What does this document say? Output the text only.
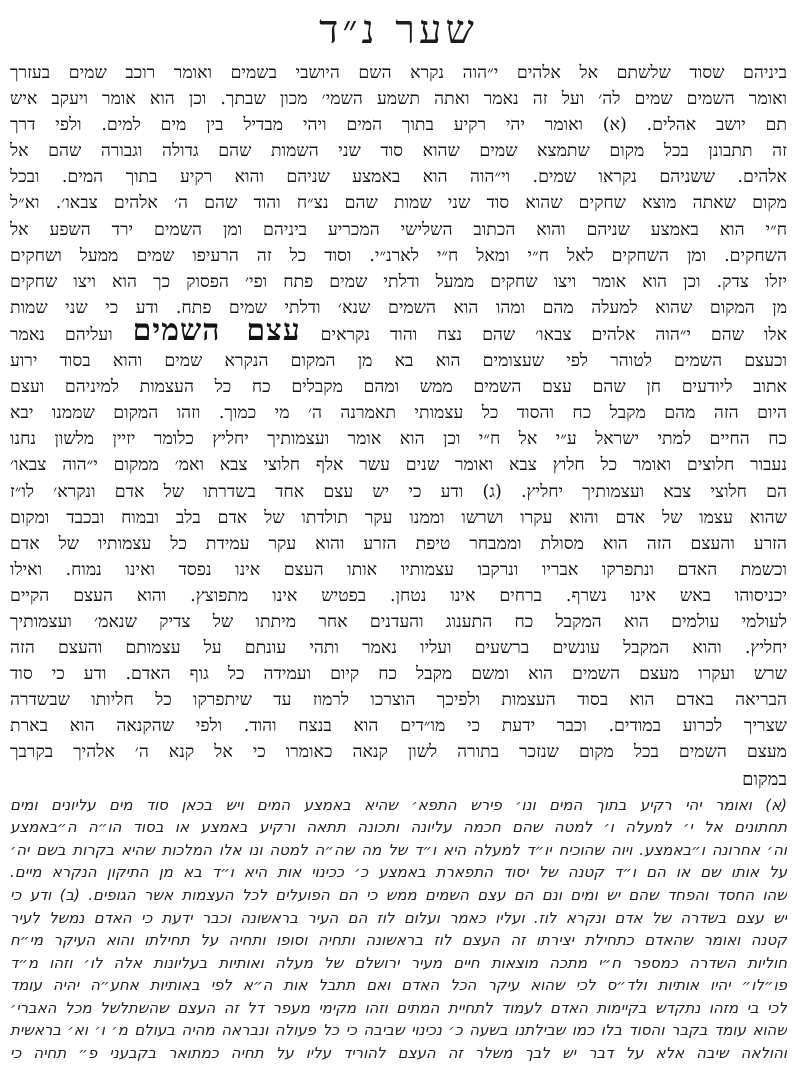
שער נ״ד
ביניהם שסוד שלשתם אל אלהים י״הוה נקרא השם היושבי בשמים ואומר רוכב שמים בעזרך
ואומר השמים שמים לה׳ ועל זה נאמר ואתה תשמע השמי׳ מכון שבתך. וכן הוא אומר ויעקב איש
תם יושב אהלים. (א) ואומר יהי רקיע בתוך המים ויהי מבדיל בין מים למים. ולפי דרך
זה תתבונן בכל מקום שתמצא שמים שהוא סוד שני השמות שהם גדולה וגבורה שהם אל
אלהים. ששניהם נקראו שמים. וי״הוה הוא באמצע שניהם והוא רקיע בתוך המים. ובכל
מקום שאתה מוצא שחקים שהוא סוד שני שמות שהם נצ״ח והוד שהם ה׳ אלהים צבאו׳. וא״ל
ח״י הוא באמצע שניהם והוא הכתוב השלישי המכריע ביניהם ומן השמים ירד השפע אל
השחקים. ומן השחקים לאל ח״י ומאל ח״י לארנ״י. וסוד כל זה הרעיפו שמים ממעל ושחקים
יזלו צדק. וכן הוא אומר ויצו שחקים ממעל ודלתי שמים פתח ופי׳ הפסוק כך הוא ויצו שחקים
מן המקום שהוא למעלה מהם ומהו הוא השמים שנא׳ ודלתי שמים פתח. ודע כי שני שמות
אלו שהם י״הוה אלהים צבאו׳ שהם נצח והוד נקראים עצם השמים ועליהם נאמר
וכעצם השמים לטוהר לפי שעצומים הוא בא מן המקום הנקרא שמים והוא בסוד ירוע
אתוב ליודעים חן שהם עצם השמים ממש ומהם מקבלים כח כל העצמות למיניהם ועצם
היום הזה מהם מקבל כח והסוד כל עצמותי תאמרנה ה׳ מי כמוך. וזהו המקום שממנו יבא
כח החיים למתי ישראל ע״י אל ח״י וכן הוא אומר ועצמותיך יחליץ כלומר יזיין מלשון נחנו
נעבור חלוצים ואומר כל חלוץ צבא ואומר שנים עשר אלף חלוצי צבא ואמ׳ ממקום י״הוה צבאו׳
הם חלוצי צבא ועצמותיך יחליץ. (ג) ודע כי יש עצם אחד בשדרתו של אדם ונקרא׳ לו״ז
שהוא עצמו של אדם והוא עקרו ושרשו וממנו עקר תולדתו של אדם בלב ובמוח ובכבד ומקום
הזרע והעצם הזה הוא מסולת וממבחר טיפת הזרע והוא עקר עמידת כל עצמותיו של אדם
וכשמת האדם ונתפרקו אבריו ונרקבו עצמותיו אותו העצם אינו נפסד ואינו נמוח. ואילו
יכניסוהו באש אינו נשרף. ברחים אינו נטחן. בפטיש אינו מתפוצץ. והוא העצם הקיים
לעולמי עולמים הוא המקבל כח התענוג והעדנים אחר מיתתו של צדיק שנאמ׳ ועצמותיך
יחליץ. והוא המקבל עונשים ברשעים ועליו נאמר ותהי עונתם על עצמותם והעצם הזה
שרש ועקרו מעצם השמים הוא ומשם מקבל כח קיום ועמידה כל גוף האדם. ודע כי סוד
הבריאה באדם הוא בסוד העצמות ולפיכך הוצרכו לרמוז עד שיתפרקו כל חליותו שבשדרה
שצריך לכרוע במודים. וכבר ידעת כי מו״דים הוא בנצח והוד. ולפי שהקנאה הוא בארת
מעצם השמים בכל מקום שנזכר בתורה לשון קנאה כאומרו כי אל קנא ה׳ אלהיך בקרבך
במקום
(א) ואומר יהי רקיע בתוך המים ונו׳ פירש התפא׳ שהיא באמצע המים ויש בכאן סוד מים עליונים ומים
תחתונים אל י׳ למעלה ו׳ למטה שהם חכמה עליונה ותכונה תתאה ורקיע באמצע או בסוד הו״ה ה״באמצע
וה׳ אחרונה ו״באמצע. ויוה שהוכיח יו״ד למעלה היא ו״ד של מה שה״ה למטה ונו אלו המלכות שהיא בקרות בשם יה׳
על אותו שם או הם ו״ד קטנה של יסוד התפארת באמצע כ׳ ככינוי אות היא ו״ד בא מן התיקון הנקרא מיים.
שהו החסד והפחד שהם יש ומים ונם הם עצם השמים ממש כי הם הפועלים לכל העצמות אשר הגופים. (ב) ודע כי
יש עצם בשדרה של אדם ונקרא לוז. ועליו כאמר ועלום לוז הם העיר בראשונה וכבר ידעת כי האדם נמשל לעיר
קטנה ואומר שהאדם כתחילת יצירתו זה העצם לוז בראשונה ותחיה וסופו ותחיה על תחילתו והוא העיקר מי״ח
חוליות השדרה כמספר ח״י מתכה מוצאות חיים מעיר ירושלם של מעלה ואותיות בעליונות אלה לו׳ וזהו מ״ד
פו״לו״ יהיו אותיות ולד״ס לכי שהוא עיקר הכל האדם ואם תתבל אות ה״א לפי באותיות אחע״ה יהיה עומד
לכי בי מזהו נתקדש בקיימות האדם לעמוד לתחיית המתים וזהו מקימי מעפר דל זה העצם שהשתלשל מכל האברי׳
שהוא עומד בקבר והסוד בלו כמו שבילתנו בשעה כ׳ נכינוי שביבה כי כל פעולה ונבראה מהיה בעולם מ׳ ו׳ וא׳ בראשית
והולאה שיבה אלא על דבר יש לבך משלר זה העצם להוריד עליו על תחיה כמתואר בקבעני פ״ תחיה כי
